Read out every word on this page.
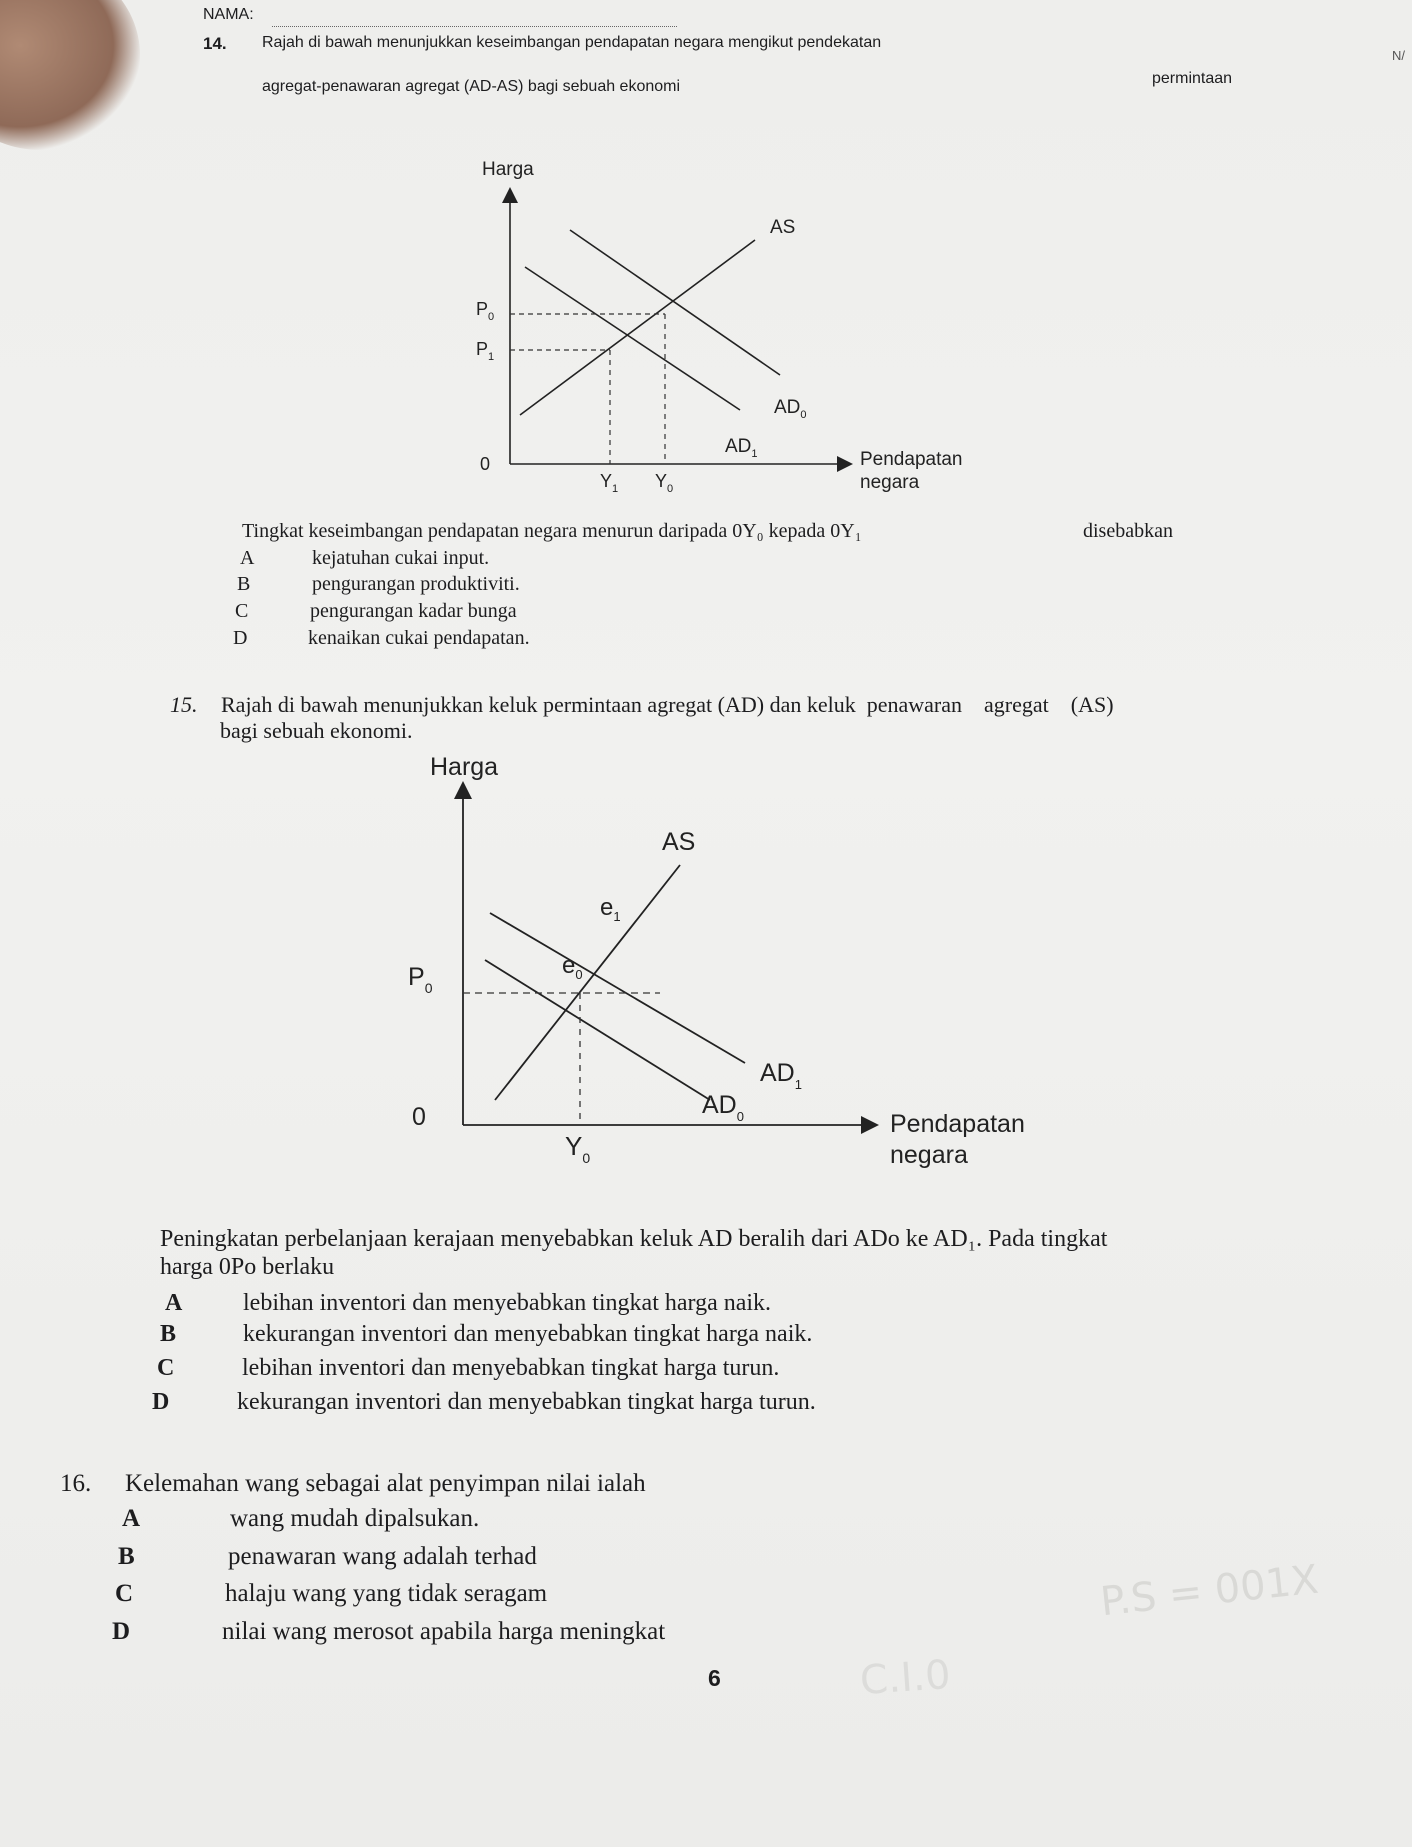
NAMA:
N/
14. Rajah di bawah menunjukkan keseimbangan pendapatan negara mengikut pendekatan
permintaan
agregat-penawaran agregat (AD-AS) bagi sebuah ekonomi
Harga
AS
$P_0$
$P_1$
$AD_0$
$AD_1$
0
$Y_1$ $Y_0$
Pendapatan
negara
Tingkat keseimbangan pendapatan negara menurun daripada 0Y₀ kepada 0Y₁	disebabkan
A	kejatuhan cukai input.
B	pengurangan produktiviti.
C	pengurangan kadar bunga
D	kenaikan cukai pendapatan.
15. Rajah di bawah menunjukkan keluk permintaan agregat (AD) dan keluk  penawaran    agregat    (AS)
bagi sebuah ekonomi.
Harga
AS
$e_1$
$e_0$
$P_0$
$AD_1$
$AD_0$
0
$Y_0$
Pendapatan
negara
Peningkatan perbelanjaan kerajaan menyebabkan keluk AD beralih dari ADo ke AD₁. Pada tingkat
harga 0Po berlaku
A	lebihan inventori dan menyebabkan tingkat harga naik.
B	kekurangan inventori dan menyebabkan tingkat harga naik.
C	lebihan inventori dan menyebabkan tingkat harga turun.
D	kekurangan inventori dan menyebabkan tingkat harga turun.
16. Kelemahan wang sebagai alat penyimpan nilai ialah
A	wang mudah dipalsukan.
B	penawaran wang adalah terhad
C	halaju wang yang tidak seragam
D	nilai wang merosot apabila harga meningkat
6
P.S = 001X
C.I.0
